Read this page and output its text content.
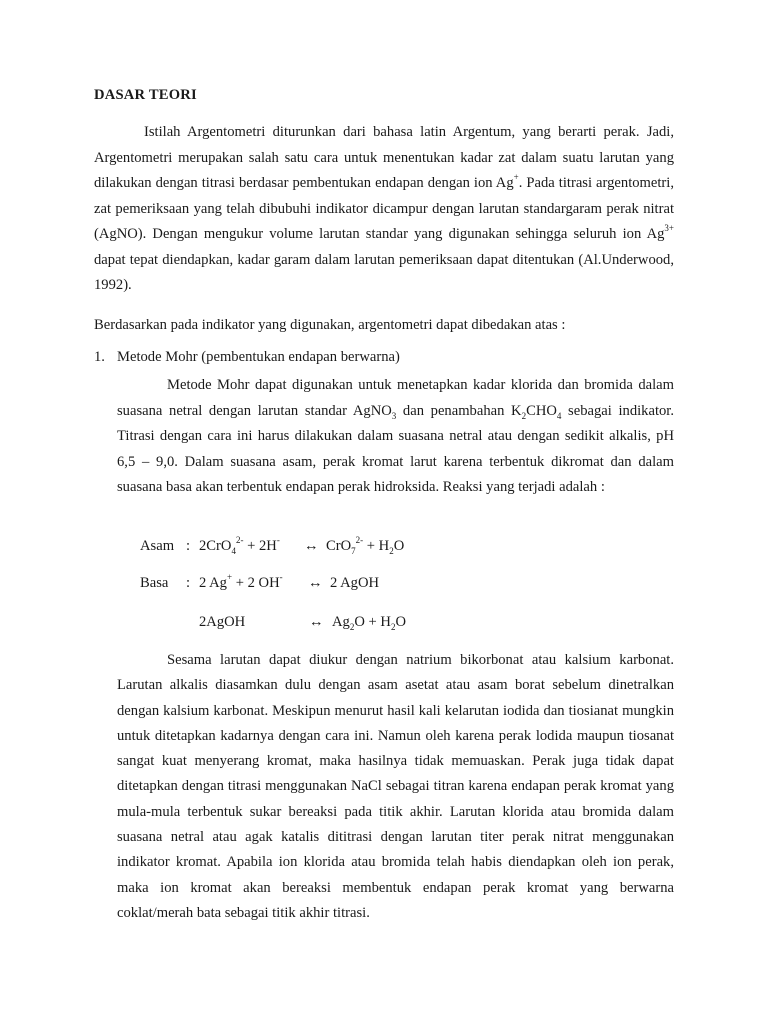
DASAR TEORI

Istilah Argentometri diturunkan dari bahasa latin Argentum, yang berarti perak. Jadi, Argentometri merupakan salah satu cara untuk menentukan kadar zat dalam suatu larutan yang dilakukan dengan titrasi berdasar pembentukan endapan dengan ion Ag+. Pada titrasi argentometri, zat pemeriksaan yang telah dibubuhi indikator dicampur dengan larutan standargaram perak nitrat (AgNO). Dengan mengukur volume larutan standar yang digunakan sehingga seluruh ion $Ag^{3+}$ dapat tepat diendapkan, kadar garam dalam larutan pemeriksaan dapat ditentukan (Al.Underwood, 1992).

Berdasarkan pada indikator yang digunakan, argentometri dapat dibedakan atas :

1. Metode Mohr (pembentukan endapan berwarna)

Metode Mohr dapat digunakan untuk menetapkan kadar klorida dan bromida dalam suasana netral dengan larutan standar AgNO$_3$ dan penambahan $K_2CHO_4$ sebagai indikator. Titrasi dengan cara ini harus dilakukan dalam suasana netral atau dengan sedikit alkalis, pH 6,5 – 9,0. Dalam suasana asam, perak kromat larut karena terbentuk dikromat dan dalam suasana basa akan terbentuk endapan perak hidroksida. Reaksi yang terjadi adalah :

Asam : 2CrO$_4^{2-}$ + 2H- ↔ $CrO_7^{2-} + H_2O$
Basa : 2 Ag+ + 2 OH- ↔ 2 AgOH
2AgOH	↔ $Ag_2O + H_2O$

Sesama larutan dapat diukur dengan natrium bikorbonat atau kalsium karbonat. Larutan alkalis diasamkan dulu dengan asam asetat atau asam borat sebelum dinetralkan dengan kalsium karbonat. Meskipun menurut hasil kali kelarutan iodida dan tiosianat mungkin untuk ditetapkan kadarnya dengan cara ini. Namun oleh karena perak lodida maupun tiosanat sangat kuat menyerang kromat, maka hasilnya tidak memuaskan. Perak juga tidak dapat ditetapkan dengan titrasi menggunakan NaCl sebagai titran karena endapan perak kromat yang mula-mula terbentuk sukar bereaksi pada titik akhir. Larutan klorida atau bromida dalam suasana netral atau agak katalis dititrasi dengan larutan titer perak nitrat menggunakan indikator kromat. Apabila ion klorida atau bromida telah habis diendapkan oleh ion perak, maka ion kromat akan bereaksi membentuk endapan perak kromat yang berwarna coklat/merah bata sebagai titik akhir titrasi.
